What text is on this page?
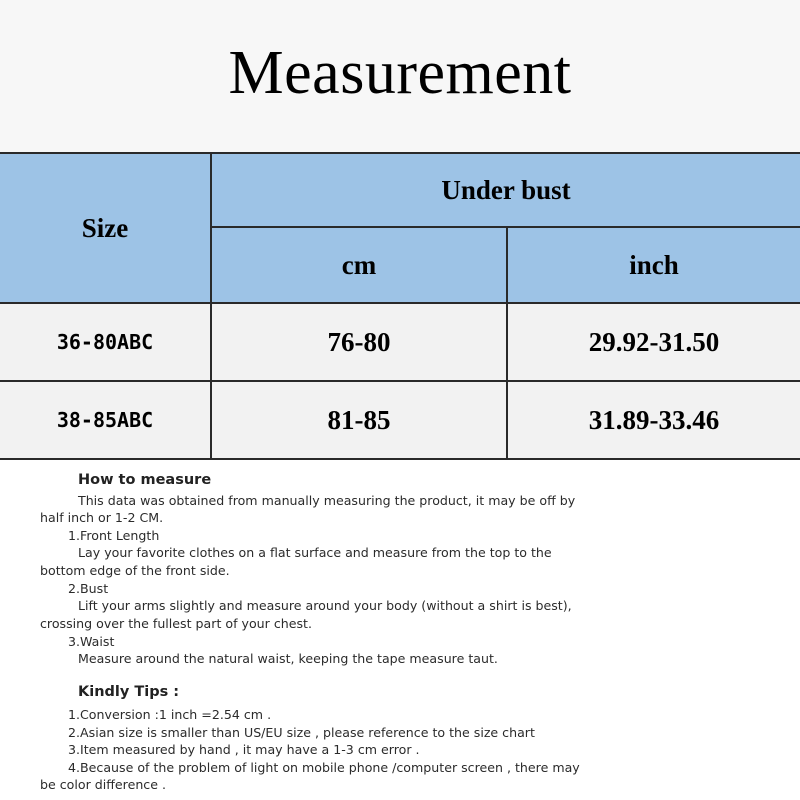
Measurement
Size	Under bust	
	cm	inch
36-80ABC	76-80	29.92-31.50
38-85ABC	81-85	31.89-33.46
How to measure
This data was obtained from manually measuring the product, it may be off by
half inch or 1-2 CM.
1.Front Length
Lay your favorite clothes on a flat surface and measure from the top to the
bottom edge of the front side.
2.Bust
Lift your arms slightly and measure around your body (without a shirt is best),
crossing over the fullest part of your chest.
3.Waist
Measure around the natural waist, keeping the tape measure taut.
Kindly Tips :
1.Conversion :1 inch =2.54 cm .
2.Asian size is smaller than US/EU size , please reference to the size chart
3.Item measured by hand , it may have a 1-3 cm error .
4.Because of the problem of light on mobile phone /computer screen , there may
be color difference .
